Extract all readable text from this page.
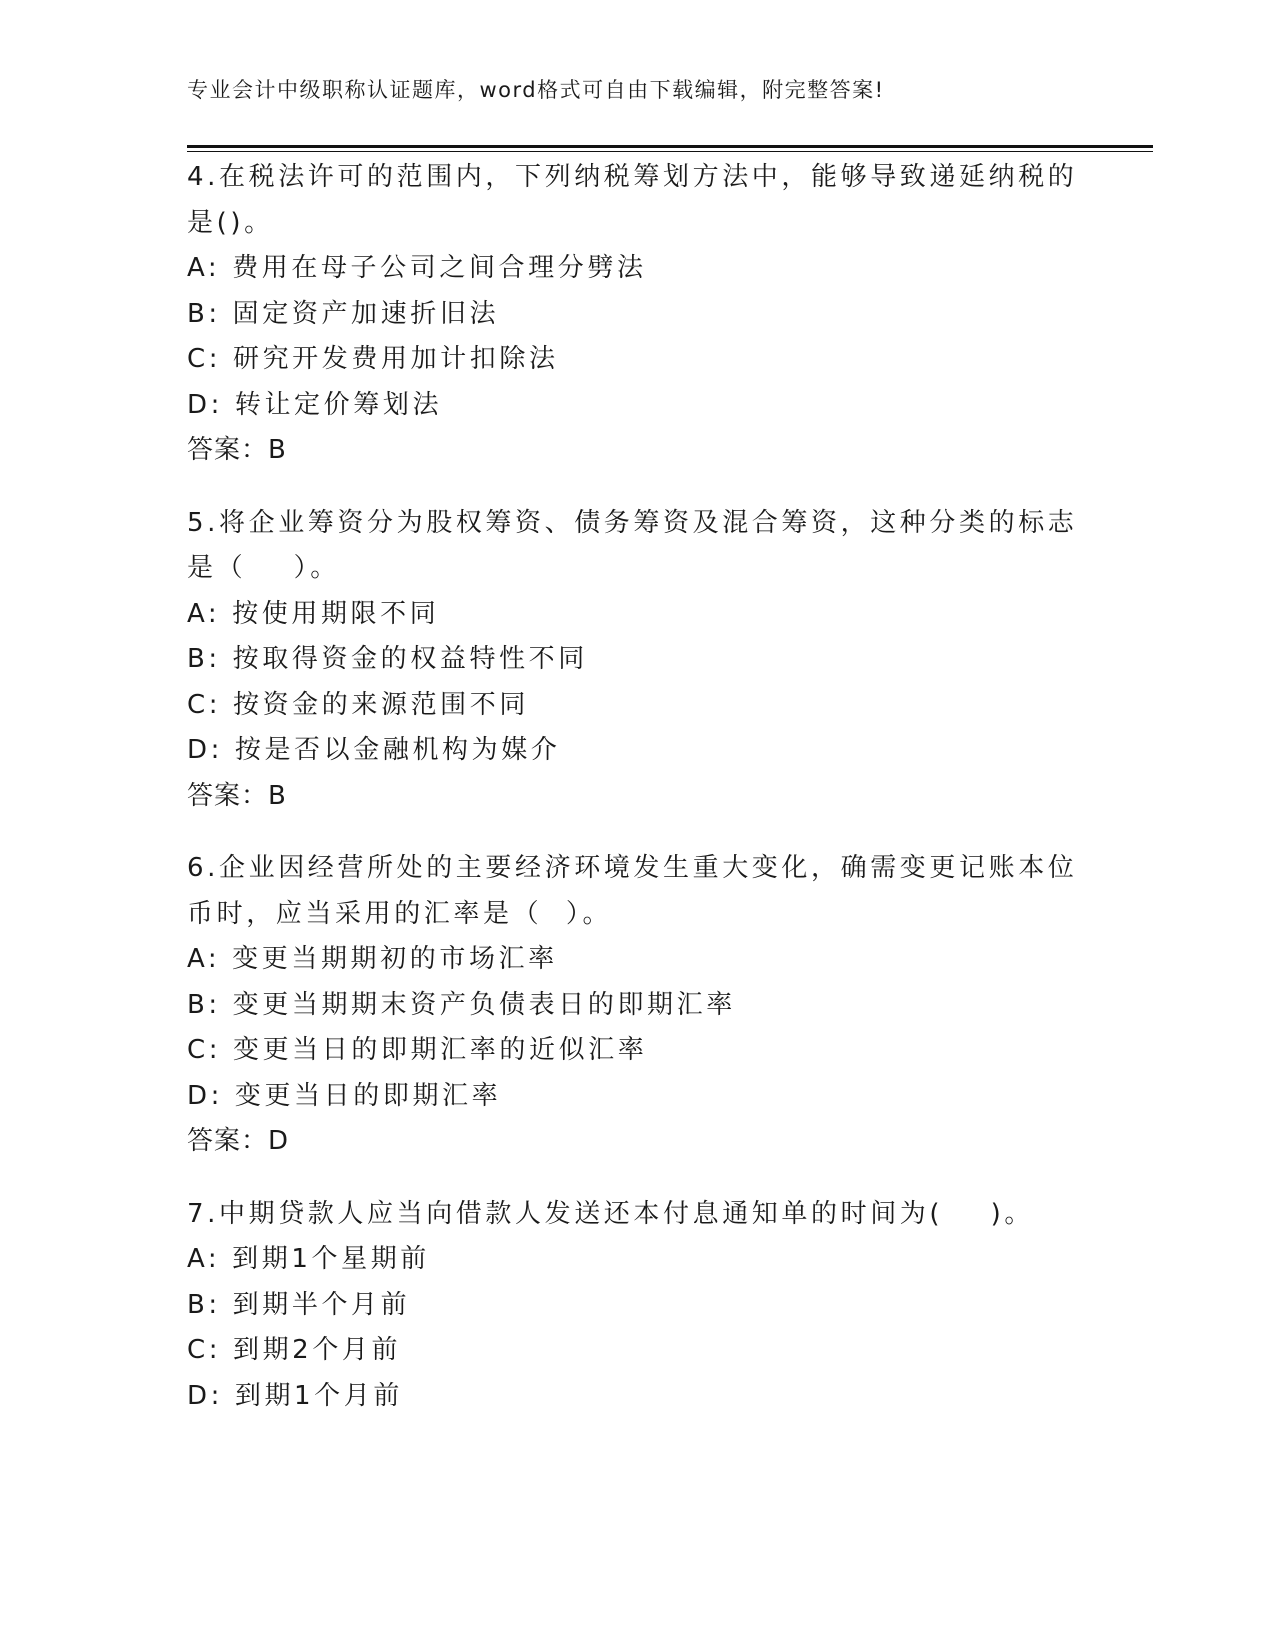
专业会计中级职称认证题库，word格式可自由下载编辑，附完整答案!
4.在税法许可的范围内，下列纳税筹划方法中，能够导致递延纳税的
是()。
A: 费用在母子公司之间合理分劈法
B: 固定资产加速折旧法
C: 研究开发费用加计扣除法
D: 转让定价筹划法
答案：B
5.将企业筹资分为股权筹资、债务筹资及混合筹资，这种分类的标志
是（    ）。
A: 按使用期限不同
B: 按取得资金的权益特性不同
C: 按资金的来源范围不同
D: 按是否以金融机构为媒介
答案：B
6.企业因经营所处的主要经济环境发生重大变化，确需变更记账本位
币时，应当采用的汇率是（  ）。
A: 变更当期期初的市场汇率
B: 变更当期期末资产负债表日的即期汇率
C: 变更当日的即期汇率的近似汇率
D: 变更当日的即期汇率
答案：D
7.中期贷款人应当向借款人发送还本付息通知单的时间为(    )。
A: 到期1个星期前
B: 到期半个月前
C: 到期2个月前
D: 到期1个月前
